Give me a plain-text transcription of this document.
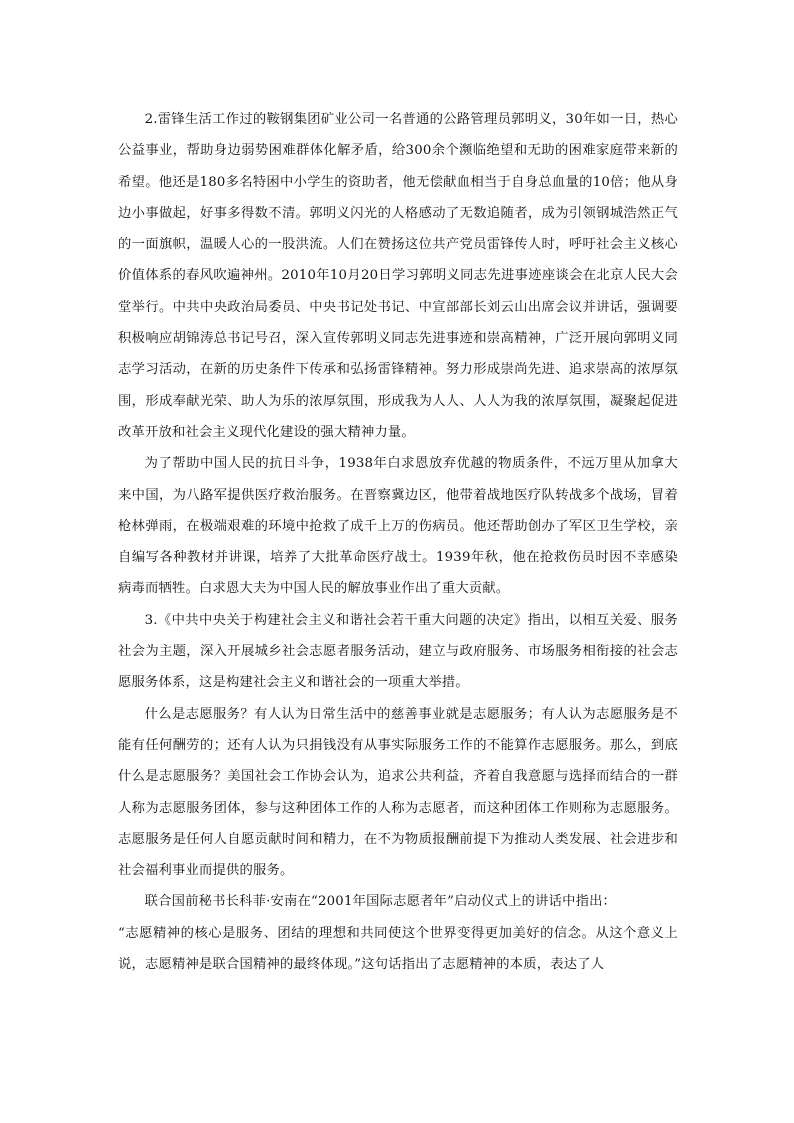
2.雷锋生活工作过的鞍钢集团矿业公司一名普通的公路管理员郭明义，30年如一日，热心公益事业，帮助身边弱势困难群体化解矛盾，给300余个濒临绝望和无助的困难家庭带来新的希望。他还是180多名特困中小学生的资助者，他无偿献血相当于自身总血量的10倍；他从身边小事做起，好事多得数不清。郭明义闪光的人格感动了无数追随者，成为引领钢城浩然正气的一面旗帜，温暖人心的一股洪流。人们在赞扬这位共产党员雷锋传人时，呼吁社会主义核心价值体系的春风吹遍神州。2010年10月20日学习郭明义同志先进事迹座谈会在北京人民大会堂举行。中共中央政治局委员、中央书记处书记、中宣部部长刘云山出席会议并讲话，强调要积极响应胡锦涛总书记号召，深入宣传郭明义同志先进事迹和崇高精神，广泛开展向郭明义同志学习活动，在新的历史条件下传承和弘扬雷锋精神。努力形成崇尚先进、追求崇高的浓厚氛围，形成奉献光荣、助人为乐的浓厚氛围，形成我为人人、人人为我的浓厚氛围，凝聚起促进改革开放和社会主义现代化建设的强大精神力量。

为了帮助中国人民的抗日斗争，1938年白求恩放弃优越的物质条件，不远万里从加拿大来中国，为八路军提供医疗救治服务。在晋察冀边区，他带着战地医疗队转战多个战场，冒着枪林弹雨，在极端艰难的环境中抢救了成千上万的伤病员。他还帮助创办了军区卫生学校，亲自编写各种教材并讲课，培养了大批革命医疗战士。1939年秋，他在抢救伤员时因不幸感染病毒而牺牲。白求恩大夫为中国人民的解放事业作出了重大贡献。

3.《中共中央关于构建社会主义和谐社会若干重大问题的决定》指出，以相互关爱、服务社会为主题，深入开展城乡社会志愿者服务活动，建立与政府服务、市场服务相衔接的社会志愿服务体系，这是构建社会主义和谐社会的一项重大举措。

什么是志愿服务？有人认为日常生活中的慈善事业就是志愿服务；有人认为志愿服务是不能有任何酬劳的；还有人认为只捐钱没有从事实际服务工作的不能算作志愿服务。那么，到底什么是志愿服务？美国社会工作协会认为，追求公共利益，齐着自我意愿与选择而结合的一群人称为志愿服务团体，参与这种团体工作的人称为志愿者，而这种团体工作则称为志愿服务。志愿服务是任何人自愿贡献时间和精力，在不为物质报酬前提下为推动人类发展、社会进步和社会福利事业而提供的服务。

联合国前秘书长科菲·安南在“2001年国际志愿者年”启动仪式上的讲话中指出：

“志愿精神的核心是服务、团结的理想和共同使这个世界变得更加美好的信念。从这个意义上说，志愿精神是联合国精神的最终体现。”这句话指出了志愿精神的本质，表达了人
